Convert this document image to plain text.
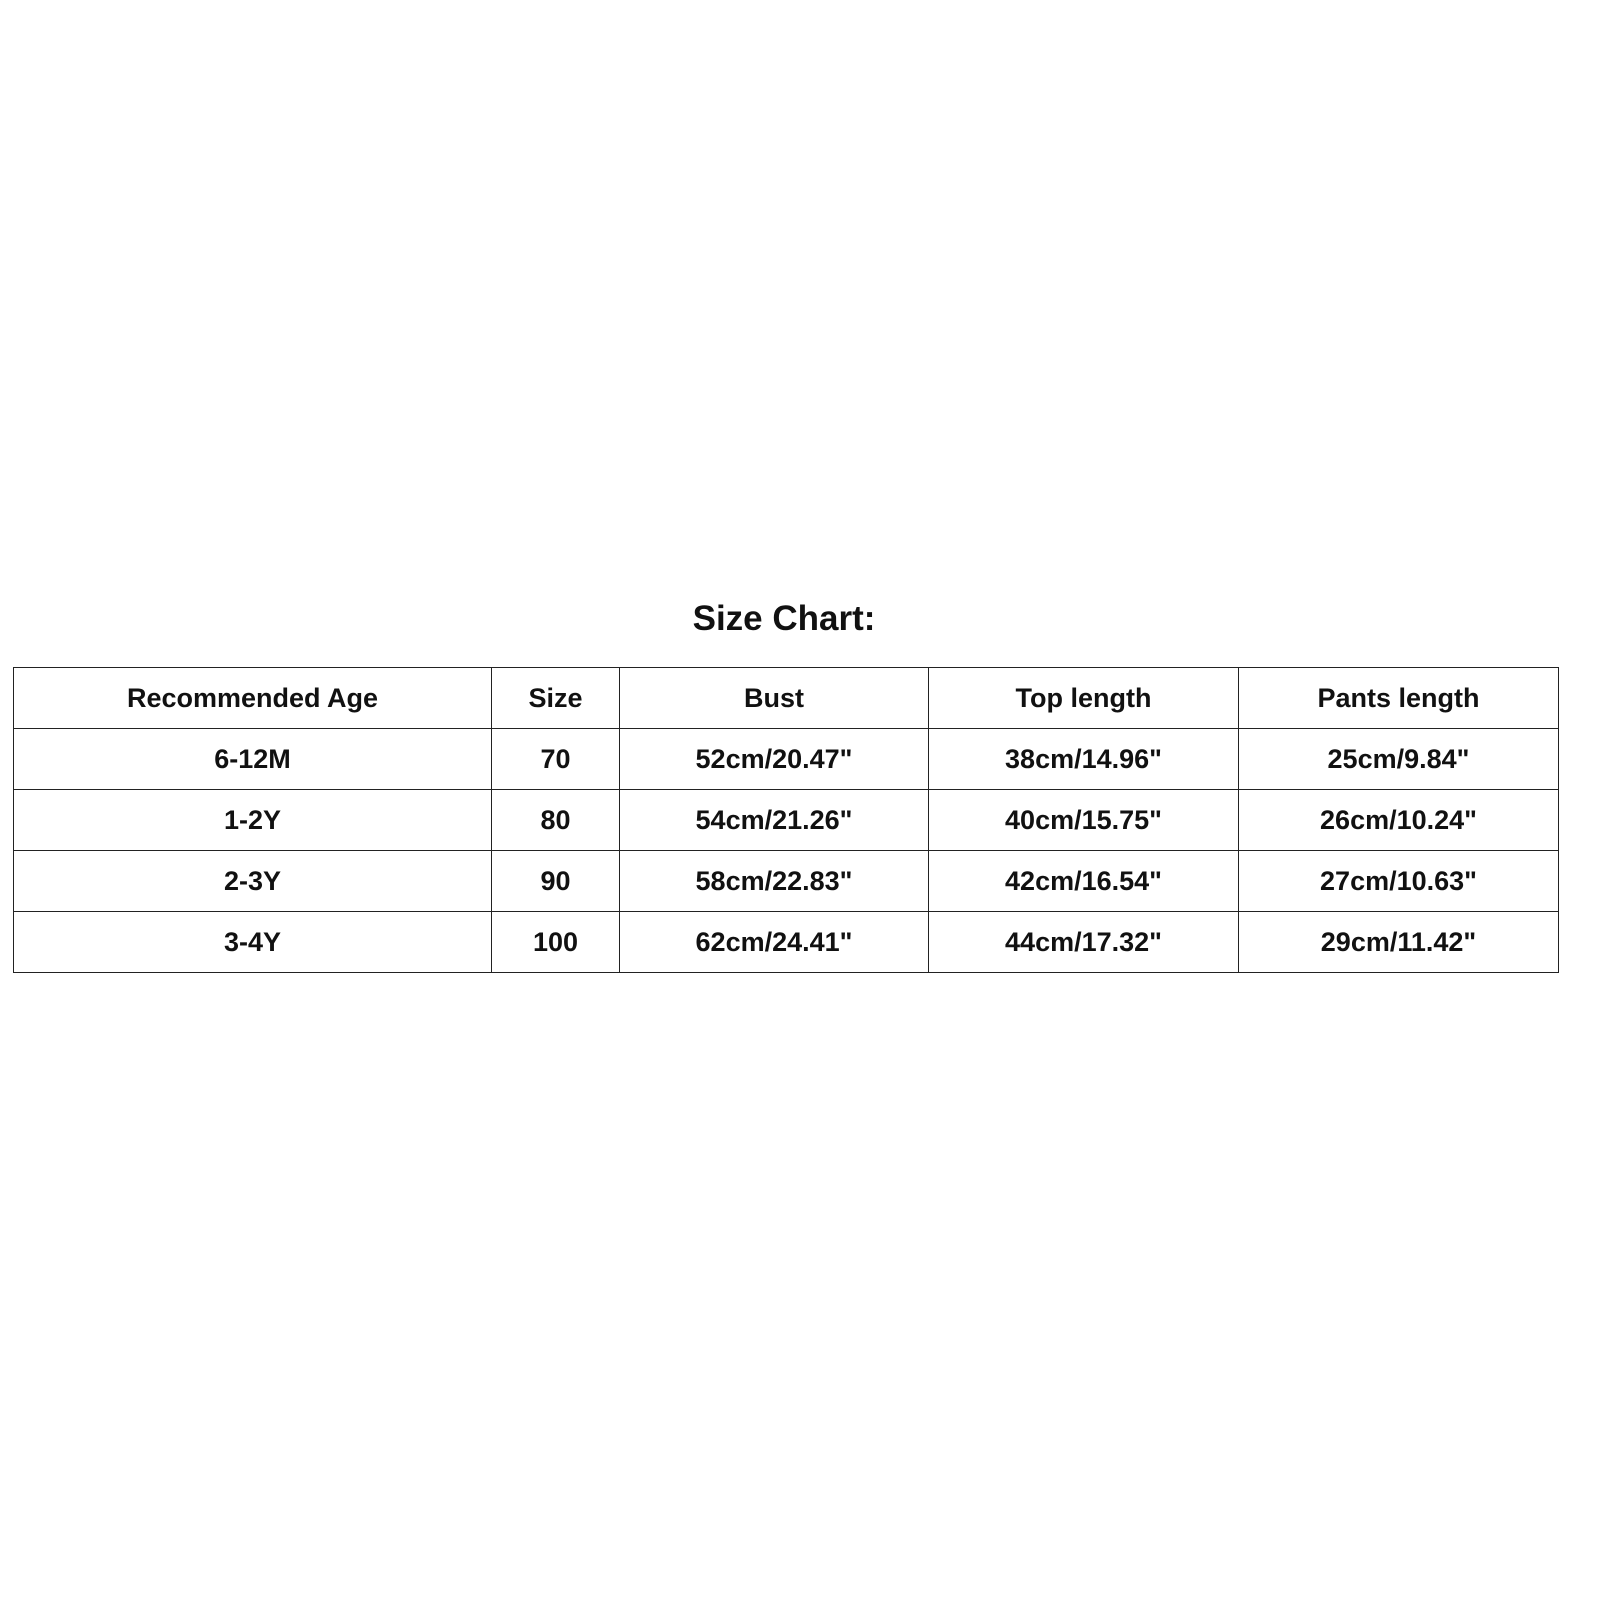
Size Chart:
Recommended Age	Size	Bust	Top length	Pants length
6-12M	70	52cm/20.47"	38cm/14.96"	25cm/9.84"
1-2Y	80	54cm/21.26"	40cm/15.75"	26cm/10.24"
2-3Y	90	58cm/22.83"	42cm/16.54"	27cm/10.63"
3-4Y	100	62cm/24.41"	44cm/17.32"	29cm/11.42"
